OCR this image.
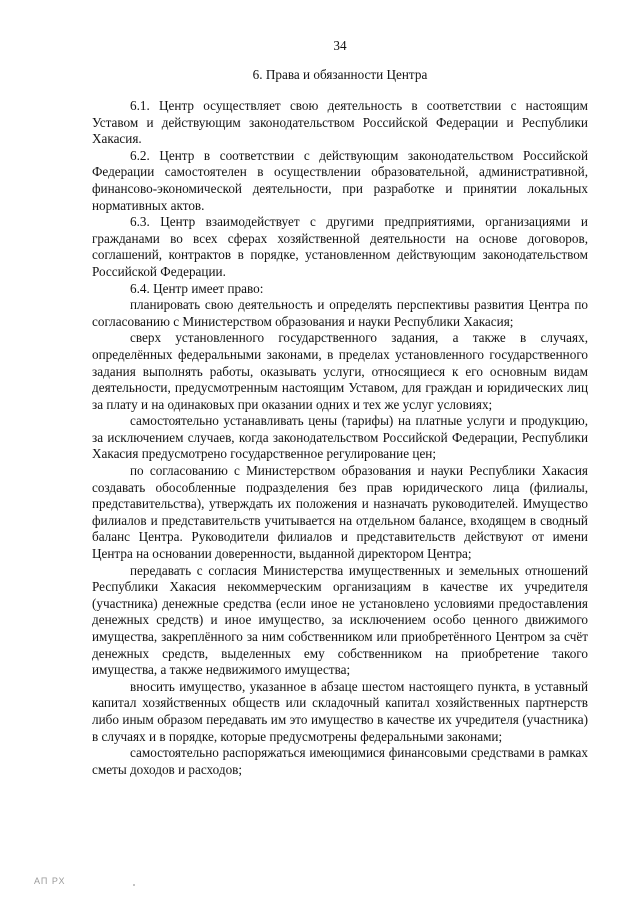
34
6. Права и обязанности Центра

6.1. Центр осуществляет свою деятельность в соответствии с настоящим Уставом и действующим законодательством Российской Федерации и Республики Хакасия.

6.2. Центр в соответствии с действующим законодательством Российской Федерации самостоятелен в осуществлении образовательной, административной, финансово-экономической деятельности, при разработке и принятии локальных нормативных актов.

6.3. Центр взаимодействует с другими предприятиями, организациями и гражданами во всех сферах хозяйственной деятельности на основе договоров, соглашений, контрактов в порядке, установленном действующим законодательством Российской Федерации.

6.4. Центр имеет право:

планировать свою деятельность и определять перспективы развития Центра по согласованию с Министерством образования и науки Республики Хакасия;

сверх установленного государственного задания, а также в случаях, определённых федеральными законами, в пределах установленного государственного задания выполнять работы, оказывать услуги, относящиеся к его основным видам деятельности, предусмотренным настоящим Уставом, для граждан и юридических лиц за плату и на одинаковых при оказании одних и тех же услуг условиях;

самостоятельно устанавливать цены (тарифы) на платные услуги и продукцию, за исключением случаев, когда законодательством Российской Федерации, Республики Хакасия предусмотрено государственное регулирование цен;

по согласованию с Министерством образования и науки Республики Хакасия создавать обособленные подразделения без прав юридического лица (филиалы, представительства), утверждать их положения и назначать руководителей. Имущество филиалов и представительств учитывается на отдельном балансе, входящем в сводный баланс Центра. Руководители филиалов и представительств действуют от имени Центра на основании доверенности, выданной директором Центра;

передавать с согласия Министерства имущественных и земельных отношений Республики Хакасия некоммерческим организациям в качестве их учредителя (участника) денежные средства (если иное не установлено условиями предоставления денежных средств) и иное имущество, за исключением особо ценного движимого имущества, закреплённого за ним собственником или приобретённого Центром за счёт денежных средств, выделенных ему собственником на приобретение такого имущества, а также недвижимого имущества;

вносить имущество, указанное в абзаце шестом настоящего пункта, в уставный капитал хозяйственных обществ или складочный капитал хозяйственных партнерств либо иным образом передавать им это имущество в качестве их учредителя (участника) в случаях и в порядке, которые предусмотрены федеральными законами;

самостоятельно распоряжаться имеющимися финансовыми средствами в рамках сметы доходов и расходов;

АП РХ
